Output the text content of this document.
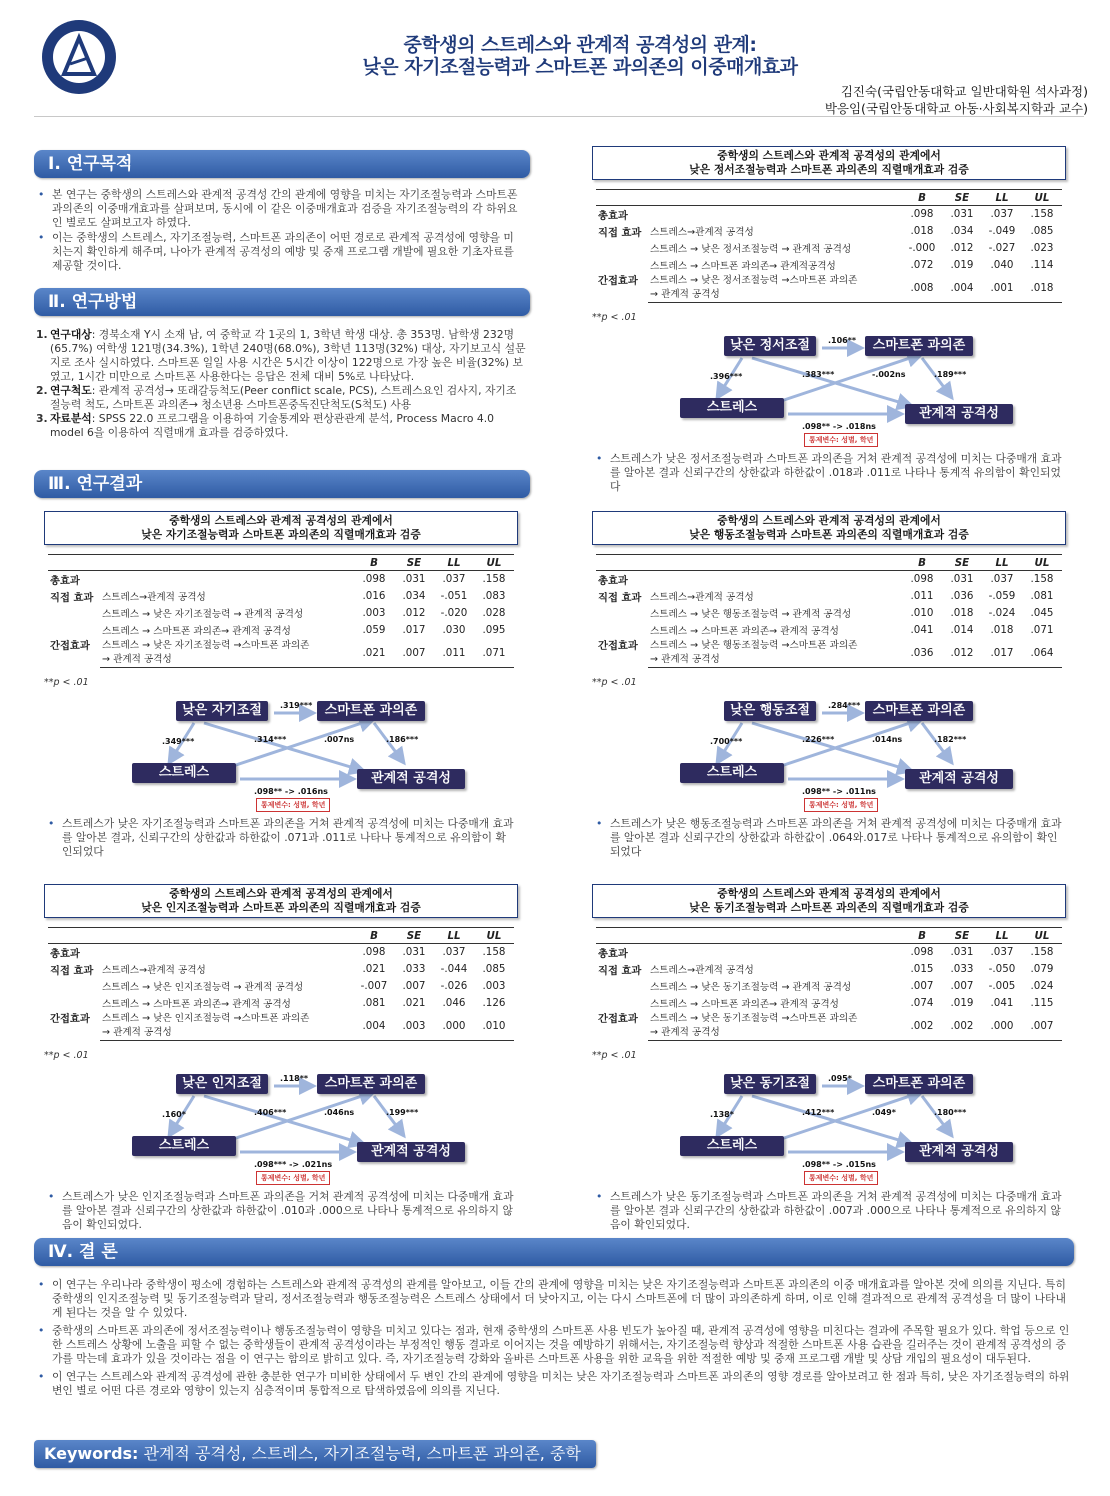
중학생의 스트레스와 관계적 공격성의 관계:
낮은 자기조절능력과 스마트폰 과의존의 이중매개효과
김진숙(국립안동대학교 일반대학원 석사과정)
박응임(국립안동대학교 아동·사회복지학과 교수)
Ⅰ. 연구목적
• 본 연구는 중학생의 스트레스와 관계적 공격성 간의 관계에 영향을 미치는 자기조절능력과 스마트폰 과의존의 이중매개효과를 살펴보며, 동시에 이 같은 이중매개효과 검증을 자기조절능력의 각 하위요인 별로도 살펴보고자 하였다.
• 이는 중학생의 스트레스, 자기조절능력, 스마트폰 과의존이 어떤 경로로 관계적 공격성에 영향을 미치는지 확인하게 해주며, 나아가 관계적 공격성의 예방 및 중재 프로그램 개발에 필요한 기초자료를 제공할 것이다.
Ⅱ. 연구방법
1. 연구대상: 경북소재 Y시 소재 남, 여 중학교 각 1곳의 1, 3학년 학생 대상. 총 353명. 남학생 232명(65.7%) 여학생 121명(34.3%), 1학년 240명(68.0%), 3학년 113명(32%) 대상, 자기보고식 설문지로 조사 실시하였다. 스마트폰 일일 사용 시간은 5시간 이상이 122명으로 가장 높은 비율(32%) 보였고, 1시간 미만으로 스마트폰 사용한다는 응답은 전체 대비 5%로 나타났다.
2. 연구척도: 관계적 공격성→ 또래갈등척도(Peer conflict scale, PCS), 스트레스요인 검사지, 자기조절능력 척도, 스마트폰 과의존→ 청소년용 스마트폰중독진단척도(S척도) 사용
3. 자료분석: SPSS 22.0 프로그램을 이용하여 기술통계와 편상관관계 분석, Process Macro 4.0 model 6을 이용하여 직렬매개 효과를 검증하였다.
Ⅲ. 연구결과
중학생의 스트레스와 관계적 공격성의 관계에서
낮은 자기조절능력과 스마트폰 과의존의 직렬매개효과 검증
		B	SE	LL	UL
총효과		.098	.031	.037	.158
직접 효과	스트레스→관계적 공격성	.016	.034	-.051	.083
	스트레스 → 낮은 자기조절능력 → 관계적 공격성	.003	.012	-.020	.028
간접효과	스트레스 → 스마트폰 과의존→ 관계적 공격성	.059	.017	.030	.095

	스트레스 → 낮은 자기조절능력 →스마트폰 과의존
→ 관계적 공격성	.021	.007	.011	.071
**p < .01
낮은 자기조절	스마트폰 과의존
스트레스	관계적 공격성
.319***
.349***	.314***	.007ns	.186***
.098** -> .016ns
통제변수: 성별, 학년
• 스트레스가 낮은 자기조절능력과 스마트폰 과의존을 거쳐 관계적 공격성에 미치는 다중매개 효과를 알아본 결과, 신뢰구간의 상한값과 하한값이 .071과 .011로 나타나 통계적으로 유의함이 확인되었다
중학생의 스트레스와 관계적 공격성의 관계에서
낮은 인지조절능력과 스마트폰 과의존의 직렬매개효과 검증
		B	SE	LL	UL
총효과		.098	.031	.037	.158
직접 효과	스트레스→관계적 공격성	.021	.033	-.044	.085
	스트레스 → 낮은 인지조절능력 → 관계적 공격성	-.007	.007	-.026	.003
간접효과	스트레스 → 스마트폰 과의존→ 관계적 공격성	.081	.021	.046	.126

	스트레스 → 낮은 인지조절능력 →스마트폰 과의존
→ 관계적 공격성	.004	.003	.000	.010
**p < .01
낮은 인지조절	스마트폰 과의존
스트레스	관계적 공격성
.118**
.160*	.406***	.046ns	.199***
.098*** -> .021ns
통제변수: 성별, 학년
• 스트레스가 낮은 인지조절능력과 스마트폰 과의존을 거쳐 관계적 공격성에 미치는 다중매개 효과를 알아본 결과 신뢰구간의 상한값과 하한값이 .010과 .000으로 나타나 통계적으로 유의하지 않음이 확인되었다.
중학생의 스트레스와 관계적 공격성의 관계에서
낮은 정서조절능력과 스마트폰 과의존의 직렬매개효과 검증
		B	SE	LL	UL
총효과		.098	.031	.037	.158
직접 효과	스트레스→관계적 공격성	.018	.034	-.049	.085
	스트레스 → 낮은 정서조절능력 → 관계적 공격성	-.000	.012	-.027	.023
간접효과	스트레스 → 스마트폰 과의존→ 관계적공격성	.072	.019	.040	.114

	스트레스 → 낮은 정서조절능력 →스마트폰 과의존
→ 관계적 공격성	.008	.004	.001	.018
**p < .01
낮은 정서조절	스마트폰 과의존
스트레스	관계적 공격성
.106**
.396***	.383***	-.002ns	.189***
.098** -> .018ns
통제변수: 성별, 학년
• 스트레스가 낮은 정서조절능력과 스마트폰 과의존을 거쳐 관계적 공격성에 미치는 다중매개 효과를 알아본 결과 신뢰구간의 상한값과 하한값이 .018과 .011로 나타나 통계적 유의함이 확인되었다
중학생의 스트레스와 관계적 공격성의 관계에서
낮은 행동조절능력과 스마트폰 과의존의 직렬매개효과 검증
		B	SE	LL	UL
총효과		.098	.031	.037	.158
직접 효과	스트레스→관계적 공격성	.011	.036	-.059	.081
	스트레스 → 낮은 행동조절능력 → 관계적 공격성	.010	.018	-.024	.045
간접효과	스트레스 → 스마트폰 과의존→ 관계적 공격성	.041	.014	.018	.071

	스트레스 → 낮은 행동조절능력 →스마트폰 과의존
→ 관계적 공격성	.036	.012	.017	.064
**p < .01
낮은 행동조절	스마트폰 과의존
스트레스	관계적 공격성
.284***
.700***	.226***	.014ns	.182***
.098** -> .011ns
통제변수: 성별, 학년
• 스트레스가 낮은 행동조절능력과 스마트폰 과의존을 거쳐 관계적 공격성에 미치는 다중매개 효과를 알아본 결과 신뢰구간의 상한값과 하한값이 .064와.017로 나타나 통계적으로 유의함이 확인되었다
중학생의 스트레스와 관계적 공격성의 관계에서
낮은 동기조절능력과 스마트폰 과의존의 직렬매개효과 검증
		B	SE	LL	UL
총효과		.098	.031	.037	.158
직접 효과	스트레스→관계적 공격성	.015	.033	-.050	.079
	스트레스 → 낮은 동기조절능력 → 관계적 공격성	.007	.007	-.005	.024
간접효과	스트레스 → 스마트폰 과의존→ 관계적 공격성	.074	.019	.041	.115

	스트레스 → 낮은 동기조절능력 →스마트폰 과의존
→ 관계적 공격성	.002	.002	.000	.007
**p < .01
낮은 동기조절	스마트폰 과의존
스트레스	관계적 공격성
.095*
.138*	.412***	.049*	.180***
.098** -> .015ns
통제변수: 성별, 학년
• 스트레스가 낮은 동기조절능력과 스마트폰 과의존을 거쳐 관계적 공격성에 미치는 다중매개 효과를 알아본 결과 신뢰구간의 상한값과 하한값이 .007과 .000으로 나타나 통계적으로 유의하지 않음이 확인되었다.
Ⅳ. 결 론
• 이 연구는 우리나라 중학생이 평소에 경험하는 스트레스와 관계적 공격성의 관계를 알아보고, 이들 간의 관계에 영향을 미치는 낮은 자기조절능력과 스마트폰 과의존의 이중 매개효과를 알아본 것에 의의를 지닌다. 특히 중학생의 인지조절능력 및 동기조절능력과 달리, 정서조절능력과 행동조절능력은 스트레스 상태에서 더 낮아지고, 이는 다시 스마트폰에 더 많이 과의존하게 하며, 이로 인해 결과적으로 관계적 공격성을 더 많이 나타내게 된다는 것을 알 수 있었다.
• 중학생의 스마트폰 과의존에 정서조절능력이나 행동조절능력이 영향을 미치고 있다는 점과, 현재 중학생의 스마트폰 사용 빈도가 높아질 때, 관계적 공격성에 영향을 미친다는 결과에 주목할 필요가 있다. 학업 등으로 인한 스트레스 상황에 노출을 피할 수 없는 중학생들이 관계적 공격성이라는 부정적인 행동 결과로 이어지는 것을 예방하기 위해서는, 자기조절능력 향상과 적절한 스마트폰 사용 습관을 길러주는 것이 관계적 공격성의 증가를 막는데 효과가 있을 것이라는 점을 이 연구는 함의로 밝히고 있다. 즉, 자기조절능력 강화와 올바른 스마트폰 사용을 위한 교육을 위한 적절한 예방 및 중재 프로그램 개발 및 상담 개입의 필요성이 대두된다.
• 이 연구는 스트레스와 관계적 공격성에 관한 충분한 연구가 미비한 상태에서 두 변인 간의 관계에 영향을 미치는 낮은 자기조절능력과 스마트폰 과의존의 영향 경로를 알아보려고 한 점과 특히, 낮은 자기조절능력의 하위변인 별로 어떤 다른 경로와 영향이 있는지 심층적이며 통합적으로 탐색하였음에 의의를 지닌다.
Keywords: 관계적 공격성, 스트레스, 자기조절능력, 스마트폰 과의존, 중학생
